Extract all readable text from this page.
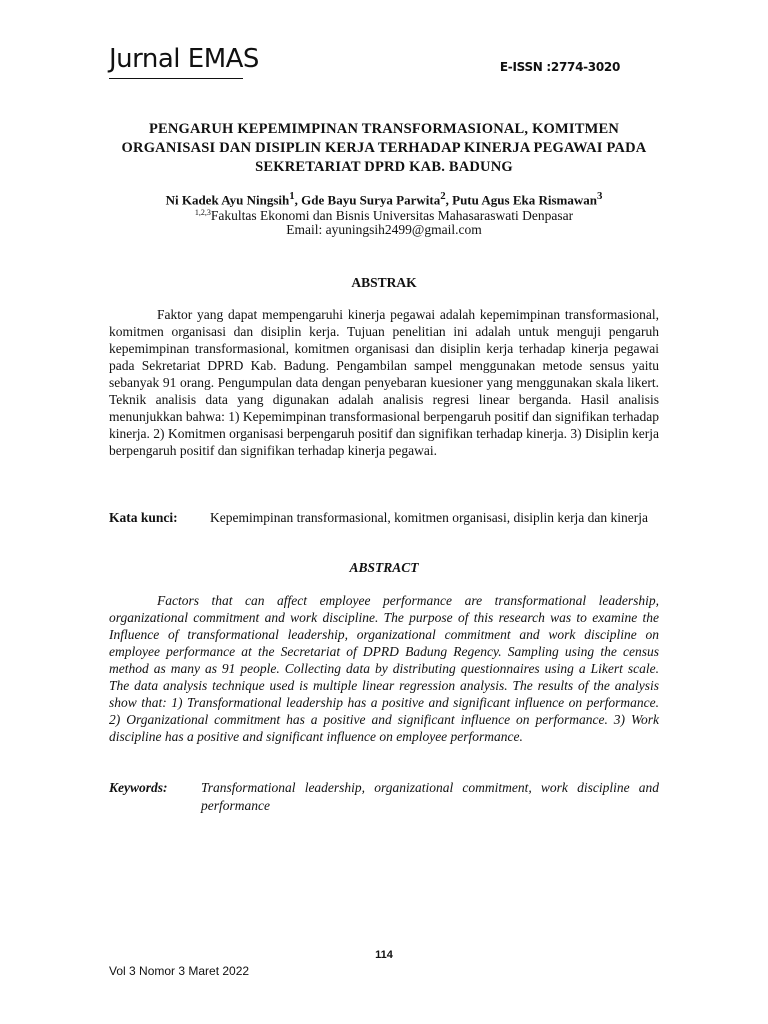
Jurnal EMAS	E-ISSN :2774-3020
PENGARUH KEPEMIMPINAN TRANSFORMASIONAL, KOMITMEN ORGANISASI DAN DISIPLIN KERJA TERHADAP KINERJA PEGAWAI PADA SEKRETARIAT DPRD KAB. BADUNG
Ni Kadek Ayu Ningsih$^1$, Gde Bayu Surya Parwita$^2$, Putu Agus Eka Rismawan$^3$
$^{1,2,3}$Fakultas Ekonomi dan Bisnis Universitas Mahasaraswati Denpasar
Email: ayuningsih2499@gmail.com
ABSTRAK

Faktor yang dapat mempengaruhi kinerja pegawai adalah kepemimpinan transformasional, komitmen organisasi dan disiplin kerja. Tujuan penelitian ini adalah untuk menguji pengaruh kepemimpinan transformasional, komitmen organisasi dan disiplin kerja terhadap kinerja pegawai pada Sekretariat DPRD Kab. Badung. Pengambilan sampel menggunakan metode sensus yaitu sebanyak 91 orang. Pengumpulan data dengan penyebaran kuesioner yang menggunakan skala likert. Teknik analisis data yang digunakan adalah analisis regresi linear berganda. Hasil analisis menunjukkan bahwa: 1) Kepemimpinan transformasional berpengaruh positif dan signifikan terhadap kinerja. 2) Komitmen organisasi berpengaruh positif dan signifikan terhadap kinerja. 3) Disiplin kerja berpengaruh positif dan signifikan terhadap kinerja pegawai.

Kata kunci:	Kepemimpinan transformasional, komitmen organisasi, disiplin kerja dan kinerja
ABSTRACT

Factors that can affect employee performance are transformational leadership, organizational commitment and work discipline. The purpose of this research was to examine the Influence of transformational leadership, organizational commitment and work discipline on employee performance at the Secretariat of DPRD Badung Regency. Sampling using the census method as many as 91 people. Collecting data by distributing questionnaires using a Likert scale. The data analysis technique used is multiple linear regression analysis. The results of the analysis show that: 1) Transformational leadership has a positive and significant influence on performance. 2) Organizational commitment has a positive and significant influence on performance. 3) Work discipline has a positive and significant influence on employee performance.

Keywords:	Transformational leadership, organizational commitment, work discipline and performance
114
Vol 3 Nomor 3 Maret 2022
